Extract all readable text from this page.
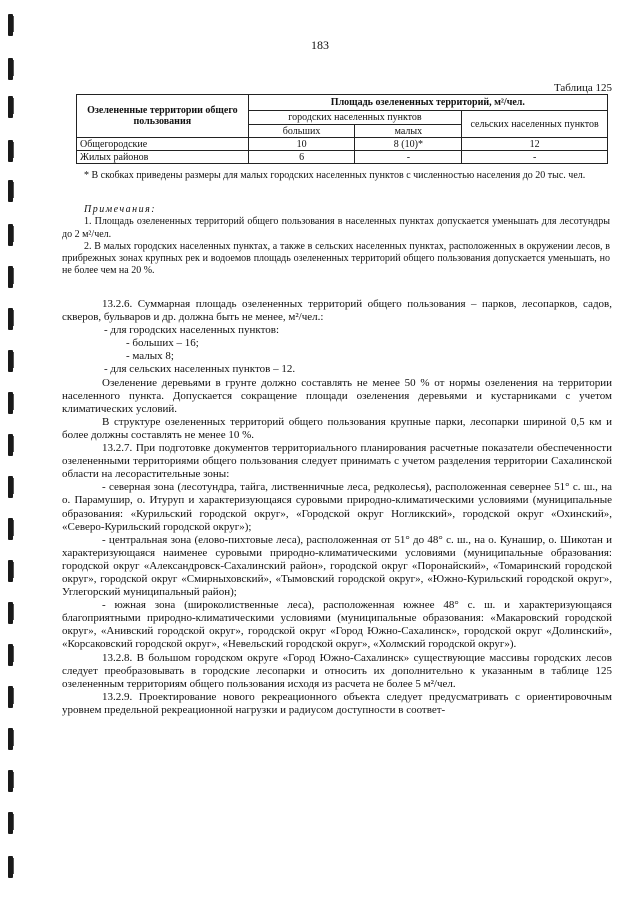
183
Таблица 125
Озелененные территории общего пользования	Площадь озелененных территорий, м²/чел.		
	городских населенных пунктов		сельских населенных пунктов
	больших	малых	
Общегородские	10	8 (10)*	12
Жилых районов	6	-	-

* В скобках приведены размеры для малых городских населенных пунктов с численностью населения до 20 тыс. чел.

Примечания:

1. Площадь озелененных территорий общего пользования в населенных пунктах допускается уменьшать для лесотундры до 2 м²/чел.

2. В малых городских населенных пунктах, а также в сельских населенных пунктах, расположенных в окружении лесов, в прибрежных зонах крупных рек и водоемов площадь озелененных территорий общего пользования допускается уменьшать, но не более чем на 20 %.

13.2.6. Суммарная площадь озелененных территорий общего пользования – парков, лесопарков, садов, скверов, бульваров и др. должна быть не менее, м²/чел.:

- для городских населенных пунктов:

- больших – 16;

- малых 8;

- для сельских населенных пунктов – 12.

Озеленение деревьями в грунте должно составлять не менее 50 % от нормы озеленения на территории населенного пункта. Допускается сокращение площади озеленения деревьями и кустарниками с учетом климатических условий.

В структуре озелененных территорий общего пользования крупные парки, лесопарки шириной 0,5 км и более должны составлять не менее 10 %.

13.2.7. При подготовке документов территориального планирования расчетные показатели обеспеченности озелененными территориями общего пользования следует принимать с учетом разделения территории Сахалинской области на лесорастительные зоны:

- северная зона (лесотундра, тайга, лиственничные леса, редколесья), расположенная севернее 51° с. ш., на о. Парамушир, о. Итуруп и характеризующаяся суровыми природно-климатическими условиями (муниципальные образования: «Курильский городской округ», «Городской округ Ногликский», городской округ «Охинский», «Северо-Курильский городской округ»);

- центральная зона (елово-пихтовые леса), расположенная от 51° до 48° с. ш., на о. Кунашир, о. Шикотан и характеризующаяся наименее суровыми природно-климатическими условиями (муниципальные образования: городской округ «Александровск-Сахалинский район», городской округ «Поронайский», «Томаринский городской округ», городской округ «Смирныховский», «Тымовский городской округ», «Южно-Курильский городской округ», Углегорский муниципальный район);

- южная зона (широколиственные леса), расположенная южнее 48° с. ш. и характеризующаяся благоприятными природно-климатическими условиями (муниципальные образования: «Макаровский городской округ», «Анивский городской округ», городской округ «Город Южно-Сахалинск», городской округ «Долинский», «Корсаковский городской округ», «Невельский городской округ», «Холмский городской округ»).

13.2.8. В большом городском округе «Город Южно-Сахалинск» существующие массивы городских лесов следует преобразовывать в городские лесопарки и относить их дополнительно к указанным в таблице 125 озелененным территориям общего пользования исходя из расчета не более 5 м²/чел.

13.2.9. Проектирование нового рекреационного объекта следует предусматривать с ориентировочным уровнем предельной рекреационной нагрузки и радиусом доступности в соответ-
